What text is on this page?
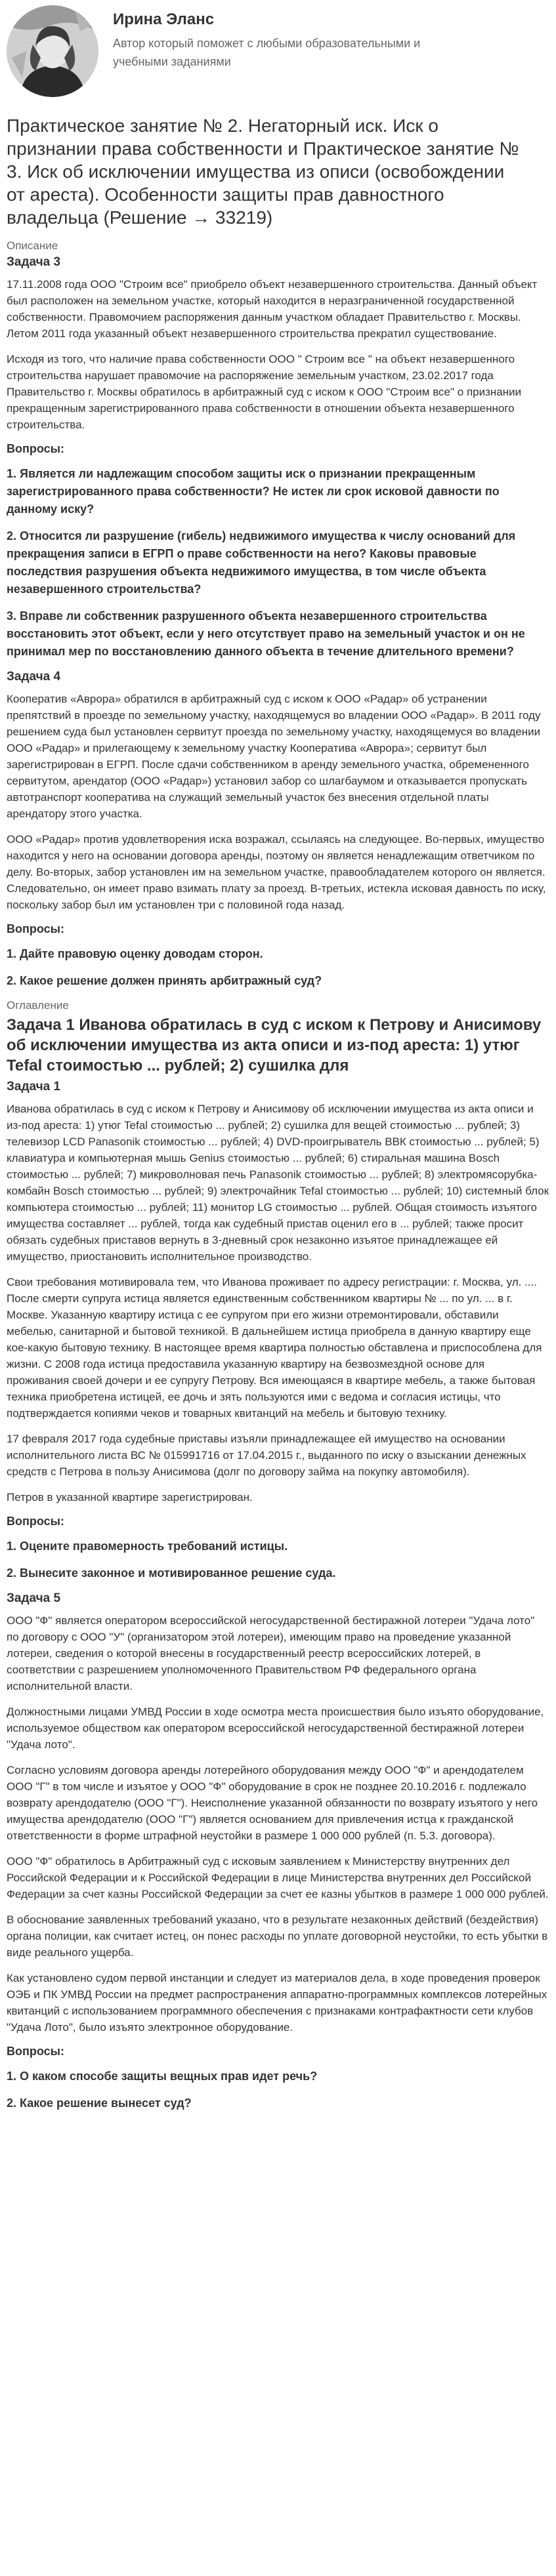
Ирина Эланс
Автор который поможет с любыми образовательными и учебными заданиями
Практическое занятие № 2. Негаторный иск. Иск о признании права собственности и Практическое занятие № 3. Иск об исключении имущества из описи (освобождении от ареста). Особенности защиты прав давностного владельца (Решение → 33219)
Описание
Задача 3

17.11.2008 года ООО "Строим все" приобрело объект незавершенного строительства. Данный объект был расположен на земельном участке, который находится в неразграниченной государственной собственности. Правомочием распоряжения данным участком обладает Правительство г. Москвы. Летом 2011 года указанный объект незавершенного строительства прекратил существование.

Исходя из того, что наличие права собственности ООО " Строим все " на объект незавершенного строительства нарушает правомочие на распоряжение земельным участком, 23.02.2017 года Правительство г. Москвы обратилось в арбитражный суд с иском к ООО "Строим все" о признании прекращенным зарегистрированного права собственности в отношении объекта незавершенного строительства.

Вопросы:
1. Является ли надлежащим способом защиты иск о признании прекращенным зарегистрированного права собственности? Не истек ли срок исковой давности по данному иску?
2. Относится ли разрушение (гибель) недвижимого имущества к числу оснований для прекращения записи в ЕГРП о праве собственности на него? Каковы правовые последствия разрушения объекта недвижимого имущества, в том числе объекта незавершенного строительства?
3. Вправе ли собственник разрушенного объекта незавершенного строительства восстановить этот объект, если у него отсутствует право на земельный участок и он не принимал мер по восстановлению данного объекта в течение длительного времени?
Задача 4

Кооператив «Аврора» обратился в арбитражный суд с иском к ООО «Радар» об устранении препятствий в проезде по земельному участку, находящемуся во владении ООО «Радар». В 2011 году решением суда был установлен сервитут проезда по земельному участку, находящемуся во владении ООО «Радар» и прилегающему к земельному участку Кооператива «Аврора»; сервитут был зарегистрирован в ЕГРП. После сдачи собственником в аренду земельного участка, обремененного сервитутом, арендатор (ООО «Радар») установил забор со шлагбаумом и отказывается пропускать автотранспорт кооператива на служащий земельный участок без внесения отдельной платы арендатору этого участка.

ООО «Радар» против удовлетворения иска возражал, ссылаясь на следующее. Во-первых, имущество находится у него на основании договора аренды, поэтому он является ненадлежащим ответчиком по делу. Во-вторых, забор установлен им на земельном участке, правообладателем которого он является. Следовательно, он имеет право взимать плату за проезд. В-третьих, истекла исковая давность по иску, поскольку забор был им установлен три с половиной года назад.

Вопросы:
1. Дайте правовую оценку доводам сторон.
2. Какое решение должен принять арбитражный суд?
Оглавление
Задача 1 Иванова обратилась в суд с иском к Петрову и Анисимову об исключении имущества из акта описи и из-под ареста: 1) утюг Tefal стоимостью ... рублей; 2) сушилка для
Задача 1

Иванова обратилась в суд с иском к Петрову и Анисимову об исключении имущества из акта описи и из-под ареста: 1) утюг Tefal стоимостью ... рублей; 2) сушилка для вещей стоимостью ... рублей; 3) телевизор LCD Panasonik стоимостью ... рублей; 4) DVD-проигрыватель ВВК стоимостью ... рублей; 5) клавиатура и компьютерная мышь Genius стоимостью ... рублей; 6) стиральная машина Bosch стоимостью ... рублей; 7) микроволновая печь Panasonik стоимостью ... рублей; 8) электромясорубка-комбайн Bosch стоимостью ... рублей; 9) электрочайник Tefal стоимостью ... рублей; 10) системный блок компьютера стоимостью ... рублей; 11) монитор LG стоимостью ... рублей. Общая стоимость изъятого имущества составляет ... рублей, тогда как судебный пристав оценил его в ... рублей; также просит обязать судебных приставов вернуть в 3-дневный срок незаконно изъятое принадлежащее ей имущество, приостановить исполнительное производство.

Свои требования мотивировала тем, что Иванова проживает по адресу регистрации: г. Москва, ул. .... После смерти супруга истица является единственным собственником квартиры № ... по ул. ... в г. Москве. Указанную квартиру истица с ее супругом при его жизни отремонтировали, обставили мебелью, санитарной и бытовой техникой. В дальнейшем истица приобрела в данную квартиру еще кое-какую бытовую технику. В настоящее время квартира полностью обставлена и приспособлена для жизни. С 2008 года истица предоставила указанную квартиру на безвозмездной основе для проживания своей дочери и ее супругу Петрову. Вся имеющаяся в квартире мебель, а также бытовая техника приобретена истицей, ее дочь и зять пользуются ими с ведома и согласия истицы, что подтверждается копиями чеков и товарных квитанций на мебель и бытовую технику.

17 февраля 2017 года судебные приставы изъяли принадлежащее ей имущество на основании исполнительного листа ВС № 015991716 от 17.04.2015 г., выданного по иску о взыскании денежных средств с Петрова в пользу Анисимова (долг по договору займа на покупку автомобиля).

Петров в указанной квартире зарегистрирован.

Вопросы:
1. Оцените правомерность требований истицы.
2. Вынесите законное и мотивированное решение суда.
Задача 5

ООО "Ф" является оператором всероссийской негосударственной бестиражной лотереи "Удача лото" по договору с ООО "У" (организатором этой лотереи), имеющим право на проведение указанной лотереи, сведения о которой внесены в государственный реестр всероссийских лотерей, в соответствии с разрешением уполномоченного Правительством РФ федерального органа исполнительной власти.

Должностными лицами УМВД России в ходе осмотра места происшествия было изъято оборудование, используемое обществом как оператором всероссийской негосударственной бестиражной лотереи "Удача лото".

Согласно условиям договора аренды лотерейного оборудования между ООО "Ф" и арендодателем ООО "Г" в том числе и изъятое у ООО "Ф" оборудование в срок не позднее 20.10.2016 г. подлежало возврату арендодателю (ООО "Г"). Неисполнение указанной обязанности по возврату изъятого у него имущества арендодателю (ООО "Г") является основанием для привлечения истца к гражданской ответственности в форме штрафной неустойки в размере 1 000 000 рублей (п. 5.3. договора).

ООО "Ф" обратилось в Арбитражный суд с исковым заявлением к Министерству внутренних дел Российской Федерации и к Российской Федерации в лице Министерства внутренних дел Российской Федерации за счет казны Российской Федерации за счет ее казны убытков в размере 1 000 000 рублей.

В обоснование заявленных требований указано, что в результате незаконных действий (бездействия) органа полиции, как считает истец, он понес расходы по уплате договорной неустойки, то есть убытки в виде реального ущерба.

Как установлено судом первой инстанции и следует из материалов дела, в ходе проведения проверок ОЭБ и ПК УМВД России на предмет распространения аппаратно-программных комплексов лотерейных квитанций с использованием программного обеспечения с признаками контрафактности сети клубов "Удача Лото", было изъято электронное оборудование.

Вопросы:
1. О каком способе защиты вещных прав идет речь?
2. Какое решение вынесет суд?
